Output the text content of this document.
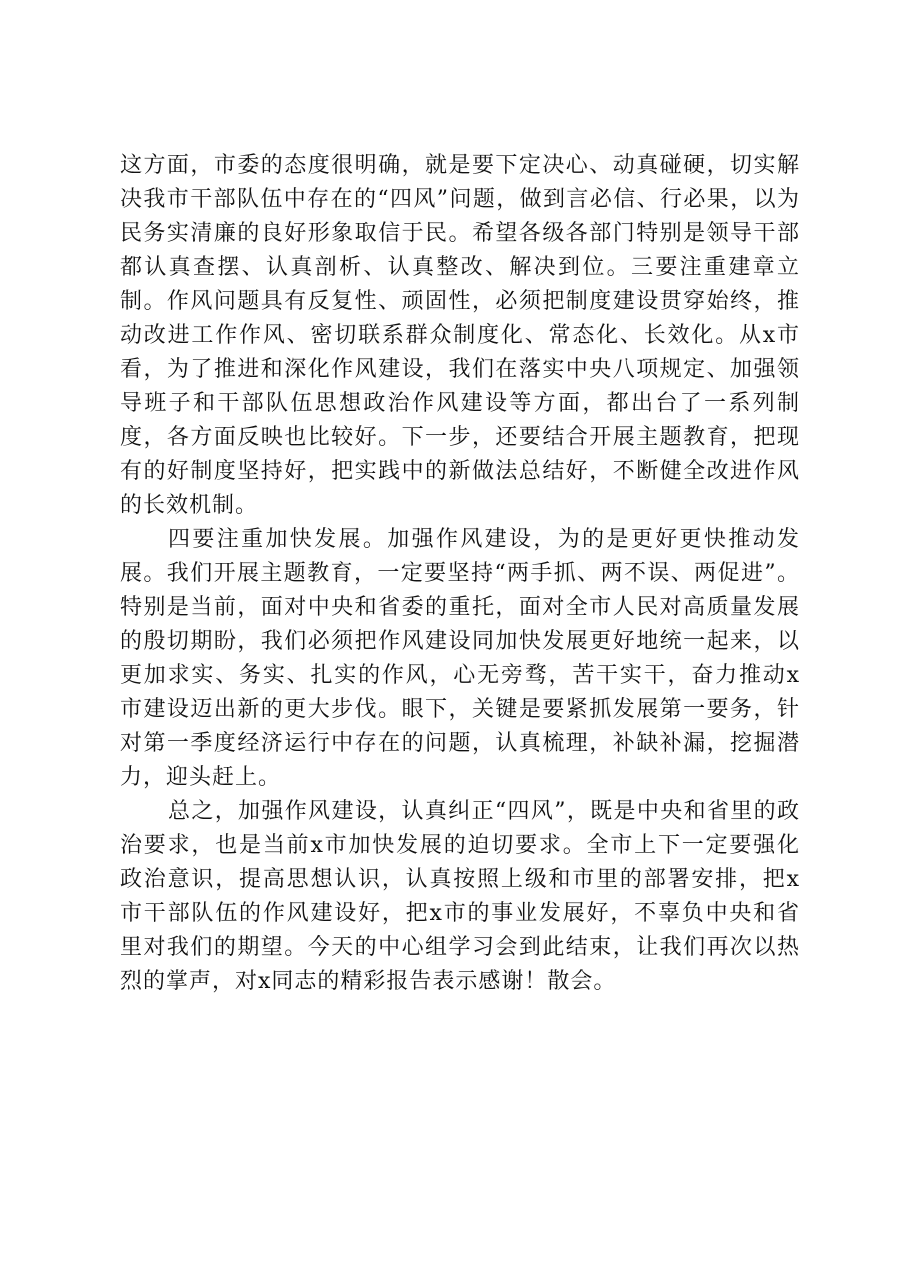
这方面，市委的态度很明确，就是要下定决心、动真碰硬，切实解决我市干部队伍中存在的“四风”问题，做到言必信、行必果，以为民务实清廉的良好形象取信于民。希望各级各部门特别是领导干部都认真查摆、认真剖析、认真整改、解决到位。三要注重建章立制。作风问题具有反复性、顽固性，必须把制度建设贯穿始终，推动改进工作作风、密切联系群众制度化、常态化、长效化。从x市看，为了推进和深化作风建设，我们在落实中央八项规定、加强领导班子和干部队伍思想政治作风建设等方面，都出台了一系列制度，各方面反映也比较好。下一步，还要结合开展主题教育，把现有的好制度坚持好，把实践中的新做法总结好，不断健全改进作风的长效机制。

四要注重加快发展。加强作风建设，为的是更好更快推动发展。我们开展主题教育，一定要坚持“两手抓、两不误、两促进”。特别是当前，面对中央和省委的重托，面对全市人民对高质量发展的殷切期盼，我们必须把作风建设同加快发展更好地统一起来，以更加求实、务实、扎实的作风，心无旁骛，苦干实干，奋力推动x市建设迈出新的更大步伐。眼下，关键是要紧抓发展第一要务，针对第一季度经济运行中存在的问题，认真梳理，补缺补漏，挖掘潜力，迎头赶上。

总之，加强作风建设，认真纠正“四风”，既是中央和省里的政治要求，也是当前x市加快发展的迫切要求。全市上下一定要强化政治意识，提高思想认识，认真按照上级和市里的部署安排，把x市干部队伍的作风建设好，把x市的事业发展好，不辜负中央和省里对我们的期望。今天的中心组学习会到此结束，让我们再次以热烈的掌声，对x同志的精彩报告表示感谢！散会。
